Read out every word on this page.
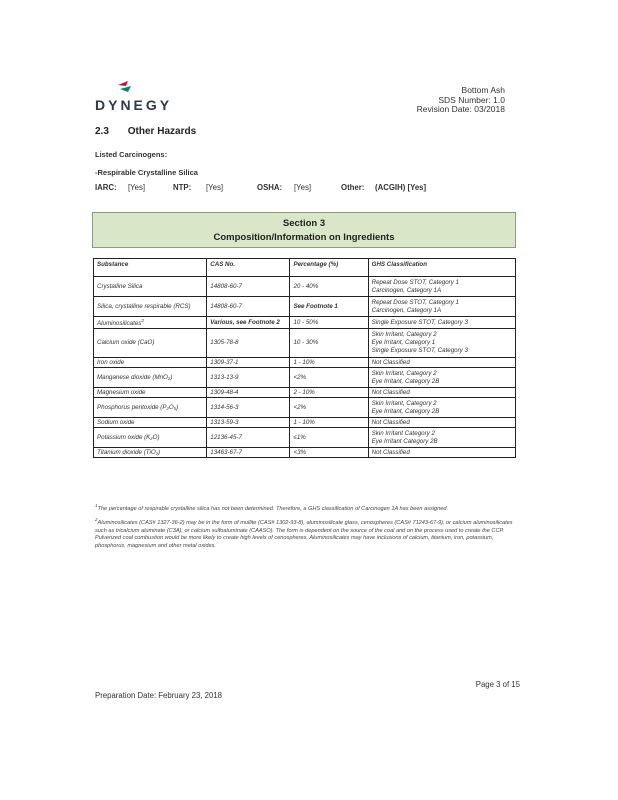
DYNEGY
Bottom Ash
SDS Number: 1.0
Revision Date: 03/2018
2.3 Other Hazards
Listed Carcinogens:
-Respirable Crystalline Silica
IARC: [Yes]	NTP: [Yes]	OSHA: [Yes]	Other: (ACGIH) [Yes]
Section 3
Composition/Information on Ingredients
Substance	CAS No.	Percentage (%)	GHS Classification
Crystalline Silica	14808-60-7	20 - 40%	Repeat Dose STOT, Category 1
Carcinogen, Category 1A

Silica, crystalline respirable (RCS)	14808-60-7	See Footnote 1	Repeat Dose STOT, Category 1
Carcinogen, Category 1A

Aluminosilicates$^2$	Various, see Footnote 2	10 - 50%	Single Exposure STOT, Category 3

Calcium oxide (CaO)	1305-78-8	10 - 30%	Skin Irritant, Category 2
Eye Irritant, Category 1
Single Exposure STOT, Category 3

Iron oxide	1309-37-1	1 - 10%	Not Classified

Manganese dioxide (MnO₂)	1313-13-9	<2%	Skin Irritant, Category 2
Eye Irritant, Category 2B

Magnesium oxide	1309-48-4	2 - 10%	Not Classified

Phosphorus pentoxide (P₂O₅)	1314-56-3	<2%	Skin Irritant, Category 2
Eye Irritant, Category 2B

Sodium oxide	1313-59-3	1 - 10%	Not Classified

Potassium oxide (K₂O)	12136-45-7	≤1%	Skin Irritant Category 2
Eye Irritant Category 2B

Titanium dioxide (TiO₂)	13463-67-7	<3%	Not Classified
$^1$The percentage of respirable crystalline silica has not been determined. Therefore, a GHS classification of Carcinogen 1A has been assigned.
$^2$Aluminosilicates (CAS# 1327-36-2) may be in the form of mullite (CAS# 1302-93-8), aluminosilicate glass, cenospheres (CAS# 71243-67-9), or calcium aluminosilicates such as tricalcium aluminate (C3A), or calcium sulfoaluminate (CAASO). The form is dependent on the source of the coal and on the process used to create the CCP. Pulverized coal combustion would be more likely to create high levels of cenospheres. Aluminosilicates may have inclusions of calcium, titanium, iron, potassium, phosphorus, magnesium and other metal oxides.
Page 3 of 15
Preparation Date: February 23, 2018
